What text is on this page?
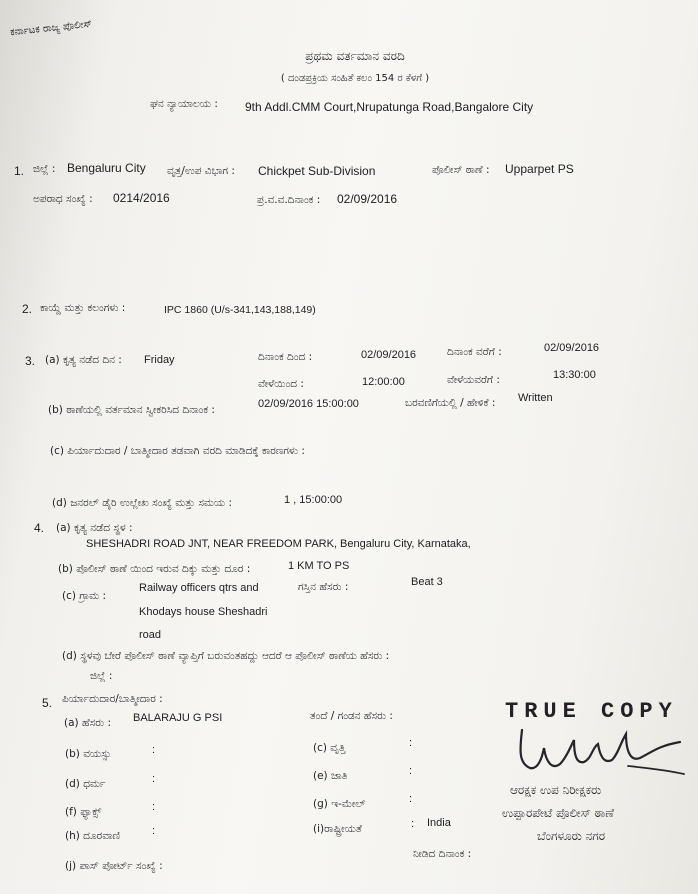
ಕರ್ನಾಟಕ ರಾಜ್ಯ ಪೊಲೀಸ್
ಪ್ರಥಮ ವರ್ತಮಾನ ವರದಿ
( ದಂಡಪ್ರಕ್ರಿಯ ಸಂಹಿತೆ ಕಲಂ 154 ರ ಕೆಳಗೆ )
ಘನ ನ್ಯಾಯಾಲಯ : 9th Addl.CMM Court,Nrupatunga Road,Bangalore City
1. ಜಿಲ್ಲೆ : Bengaluru City ವೃತ್ತ/ಉಪ ವಿಭಾಗ : Chickpet Sub-Division	ಪೊಲೀಸ್ ಠಾಣೆ : Upparpet PS
ಅಪರಾಧ ಸಂಖ್ಯೆ : 0214/2016	ಪ್ರ.ವ.ವ.ದಿನಾಂಕ : 02/09/2016
2. ಕಾಯ್ದೆ ಮತ್ತು ಕಲಂಗಳು :	IPC 1860 (U/s-341,143,188,149)
3. (a) ಕೃತ್ಯ ನಡೆದ ದಿನ : Friday	ದಿನಾಂಕ ದಿಂದ :	02/09/2016	ದಿನಾಂಕ ವರೆಗೆ :	02/09/2016
ವೇಳೆಯಿಂದ :	12:00:00	ವೇಳೆಯವರೆಗೆ :	13:30:00
(b) ಠಾಣೆಯಲ್ಲಿ ವರ್ತಮಾನ ಸ್ವೀಕರಿಸಿದ ದಿನಾಂಕ :	02/09/2016 15:00:00	ಬರವಣಿಗೆಯಲ್ಲಿ / ಹೇಳಿಕೆ : Written
(c) ಪಿರ್ಯಾದುದಾರ / ಬಾತ್ಮೀದಾರ ತಡವಾಗಿ ವರದಿ ಮಾಡಿದಕ್ಕೆ ಕಾರಣಗಳು :
(d) ಜನರಲ್ ಡೈರಿ ಉಲ್ಲೇಖ ಸಂಖ್ಯೆ ಮತ್ತು ಸಮಯ :	1 , 15:00:00
4. (a) ಕೃತ್ಯ ನಡೆದ ಸ್ಥಳ :
SHESHADRI ROAD JNT, NEAR FREEDOM PARK, Bengaluru City, Karnataka,
(b) ಪೊಲೀಸ್ ಠಾಣೆ ಯಿಂದ ಇರುವ ದಿಕ್ಕು ಮತ್ತು ದೂರ :	1 KM TO PS
(c) ಗ್ರಾಮ :
Railway officers qtrs and
Khodays house Sheshadri
road
ಗಸ್ತಿನ ಹೆಸರು :	Beat 3
(d) ಸ್ಥಳವು ಬೇರೆ ಪೊಲೀಸ್ ಠಾಣೆ ವ್ಯಾಪ್ತಿಗೆ ಬರುವಂತಹದ್ದು ಆದರೆ ಆ ಪೊಲೀಸ್ ಠಾಣೆಯ ಹೆಸರು :
ಜಿಲ್ಲೆ :
5. ಪಿರ್ಯಾದುದಾರ/ಬಾತ್ಮೀದಾರ :
(a) ಹೆಸರು : BALARAJU G PSI	ತಂದೆ / ಗಂಡನ ಹೆಸರು :
(b) ವಯಸ್ಸು	:	(c) ವೃತ್ತಿ	:
(d) ಧರ್ಮ	:	(e) ಜಾತಿ	:
(f) ಫ್ಯಾಕ್ಸ್	:	(g) ಇ-ಮೇಲ್	:
(h) ದೂರವಾಣಿ	:	(i)ರಾಷ್ಟ್ರೀಯತೆ	: India
(j) ಪಾಸ್ ಪೋರ್ಟ್ ಸಂಖ್ಯೆ :
ನೀಡಿದ ದಿನಾಂಕ :
TRUE COPY
ಆರಕ್ಷಕ ಉಪ ನಿರೀಕ್ಷಕರು
ಉಪ್ಪಾರಪೇಟೆ ಪೊಲೀಸ್ ಠಾಣೆ
ಬೆಂಗಳೂರು ನಗರ
